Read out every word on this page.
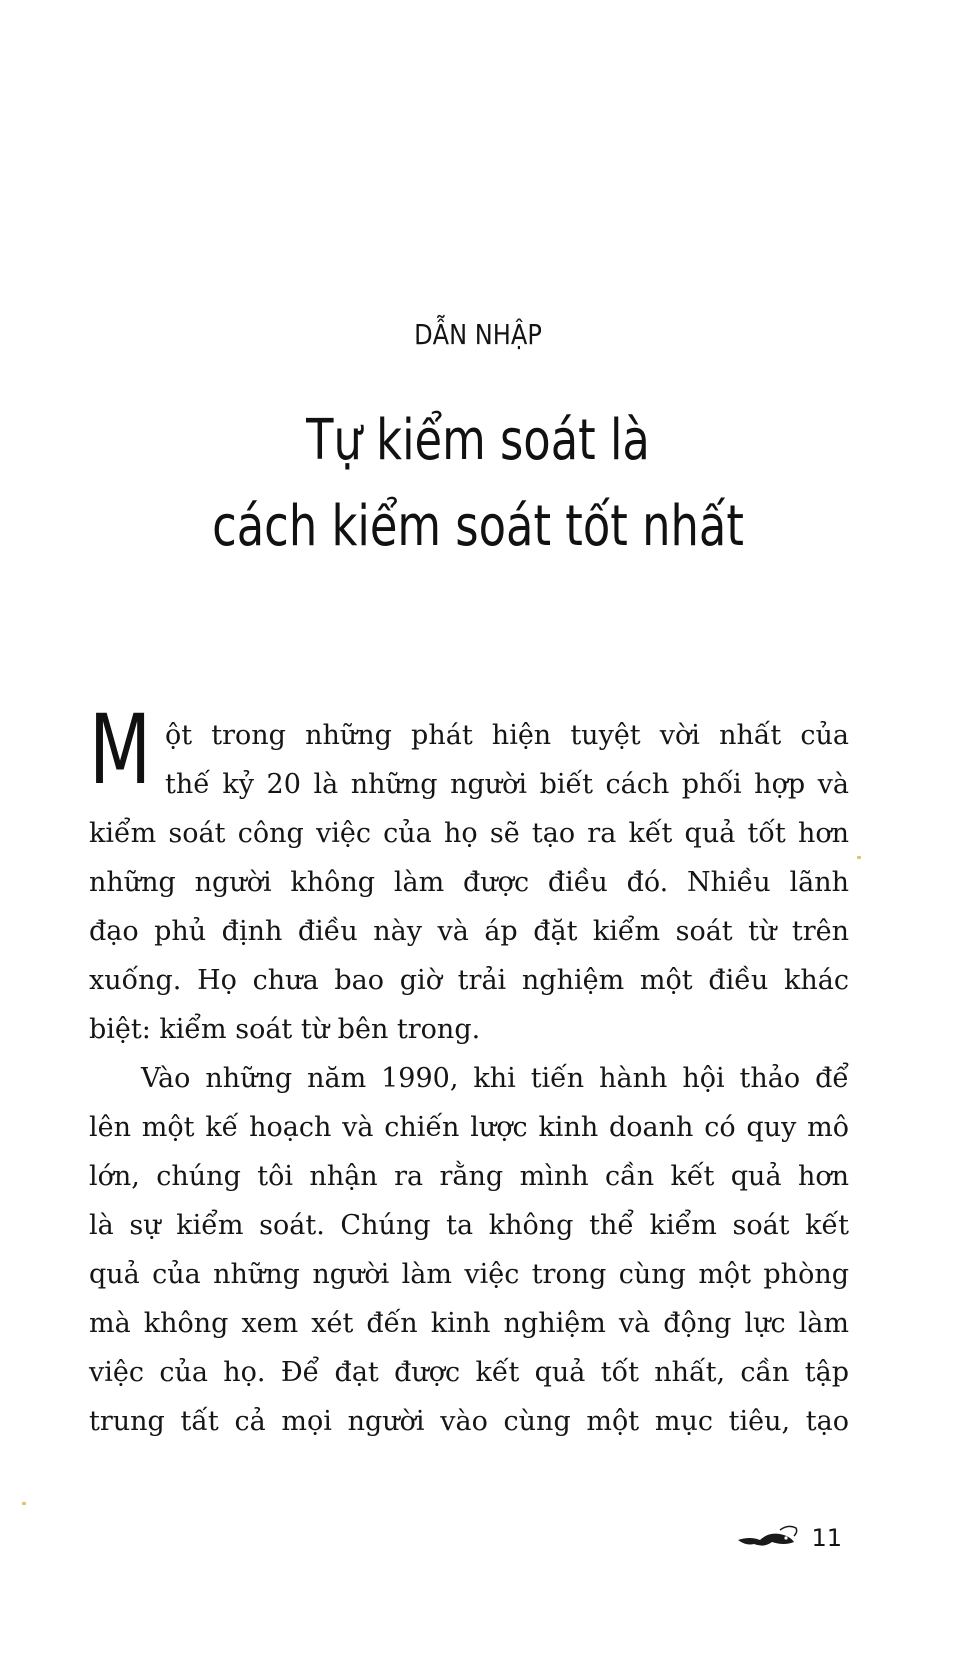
DẪN NHẬP
Tự kiểm soát là
cách kiểm soát tốt nhất
M ột trong những phát hiện tuyệt vời nhất của
thế kỷ 20 là những người biết cách phối hợp và
kiểm soát công việc của họ sẽ tạo ra kết quả tốt hơn
những người không làm được điều đó. Nhiều lãnh
đạo phủ định điều này và áp đặt kiểm soát từ trên
xuống. Họ chưa bao giờ trải nghiệm một điều khác
biệt: kiểm soát từ bên trong.
Vào những năm 1990, khi tiến hành hội thảo để
lên một kế hoạch và chiến lược kinh doanh có quy mô
lớn, chúng tôi nhận ra rằng mình cần kết quả hơn
là sự kiểm soát. Chúng ta không thể kiểm soát kết
quả của những người làm việc trong cùng một phòng
mà không xem xét đến kinh nghiệm và động lực làm
việc của họ. Để đạt được kết quả tốt nhất, cần tập
trung tất cả mọi người vào cùng một mục tiêu, tạo
11
